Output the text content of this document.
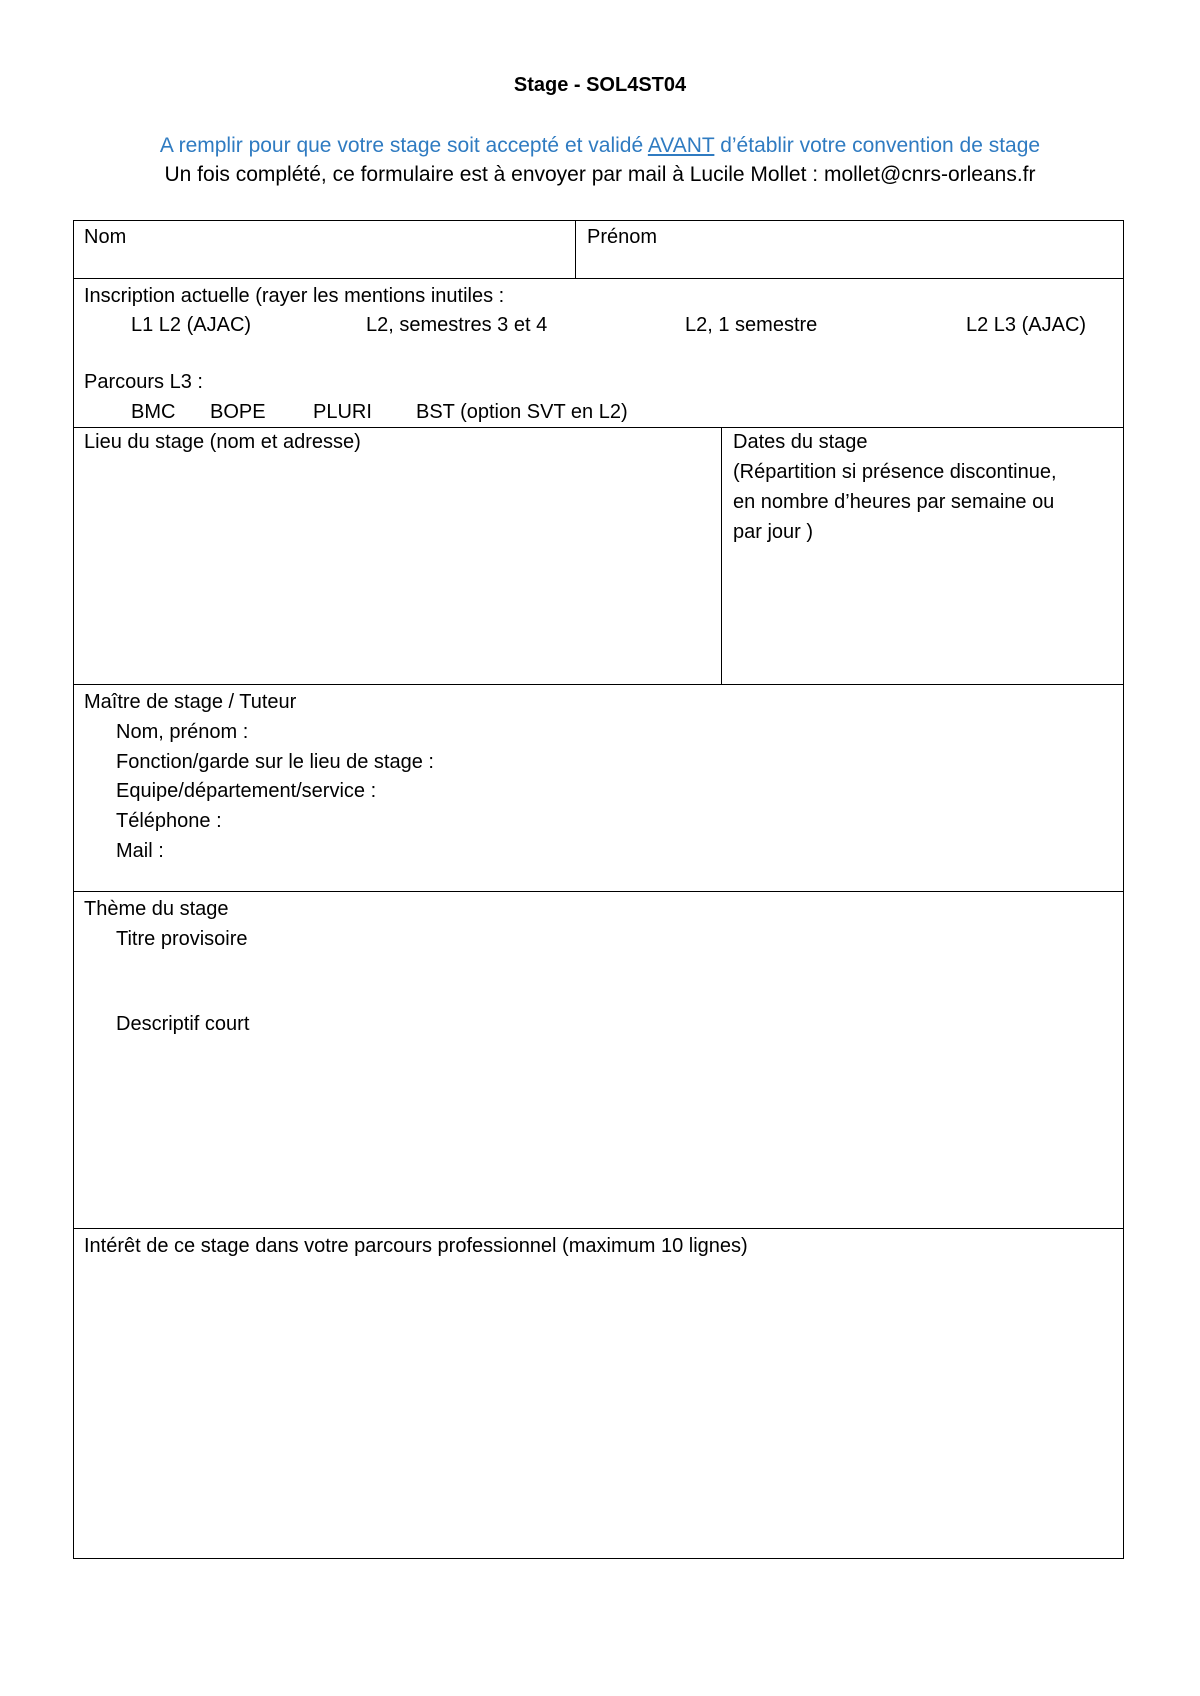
Stage - SOL4ST04
A remplir pour que votre stage soit accepté et validé AVANT d’établir votre convention de stage
Un fois complété, ce formulaire est à envoyer par mail à Lucile Mollet : mollet@cnrs-orleans.fr
Nom	Prénom
Inscription actuelle (rayer les mentions inutiles :
L1 L2 (AJAC)	L2, semestres 3 et 4	L2, 1 semestre	L2 L3 (AJAC)
Parcours L3 :
BMC BOPE PLURI BST (option SVT en L2)
Lieu du stage (nom et adresse)	Dates du stage
(Répartition si présence discontinue,
en nombre d’heures par semaine ou
par jour )
Maître de stage / Tuteur
Nom, prénom :
Fonction/garde sur le lieu de stage :
Equipe/département/service :
Téléphone :
Mail :
Thème du stage
Titre provisoire
Descriptif court
Intérêt de ce stage dans votre parcours professionnel (maximum 10 lignes)
